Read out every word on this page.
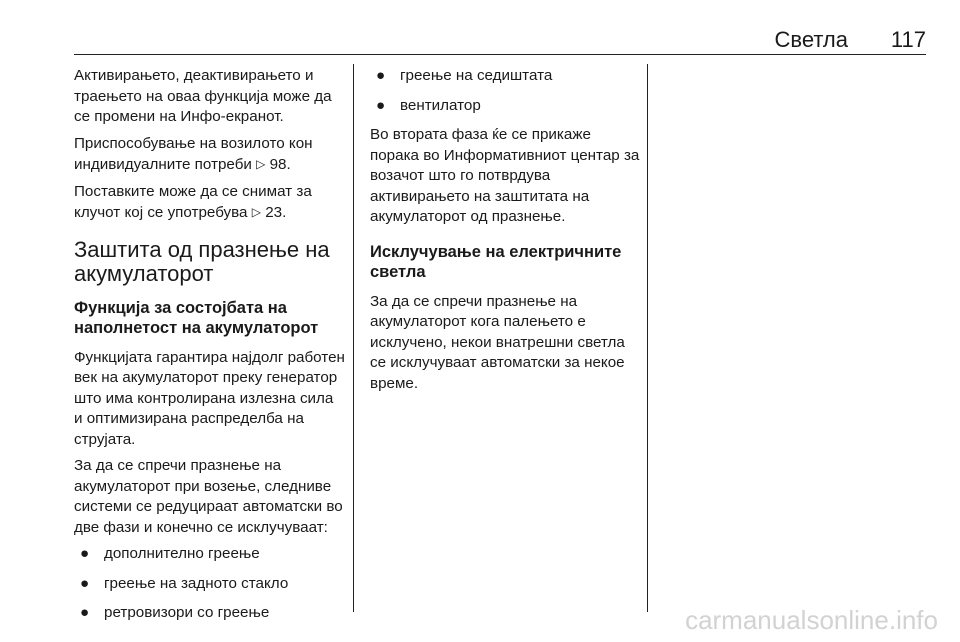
Светла 117

Активирањето, деактивирањето и траењето на оваа функција може да се промени на Инфо-екранот.

Приспособување на возилото кон индивидуалните потреби ▷ 98.

Поставките може да се снимат за клучот кој се употребува ▷ 23.

Заштита од празнење на акумулаторот
Функција за состојбата на наполнетост на акумулаторот

Функцијата гарантира најдолг работен век на акумулаторот преку генератор што има контролирана излезна сила и оптимизирана распределба на струјата.

За да се спречи празнење на акумулаторот при возење, следниве системи се редуцираат автоматски во две фази и конечно се исклучуваат:

● дополнително греење
● греење на задното стакло
● ретровизори со греење
● греење на седиштата
● вентилатор

Во втората фаза ќе се прикаже порака во Информативниот центар за возачот што го потврдува активирањето на заштитата на акумулаторот од празнење.

Исклучување на електричните светла

За да се спречи празнење на акумулаторот кога палењето е исклучено, некои внатрешни светла се исклучуваат автоматски за некое време.

carmanualsonline.info
